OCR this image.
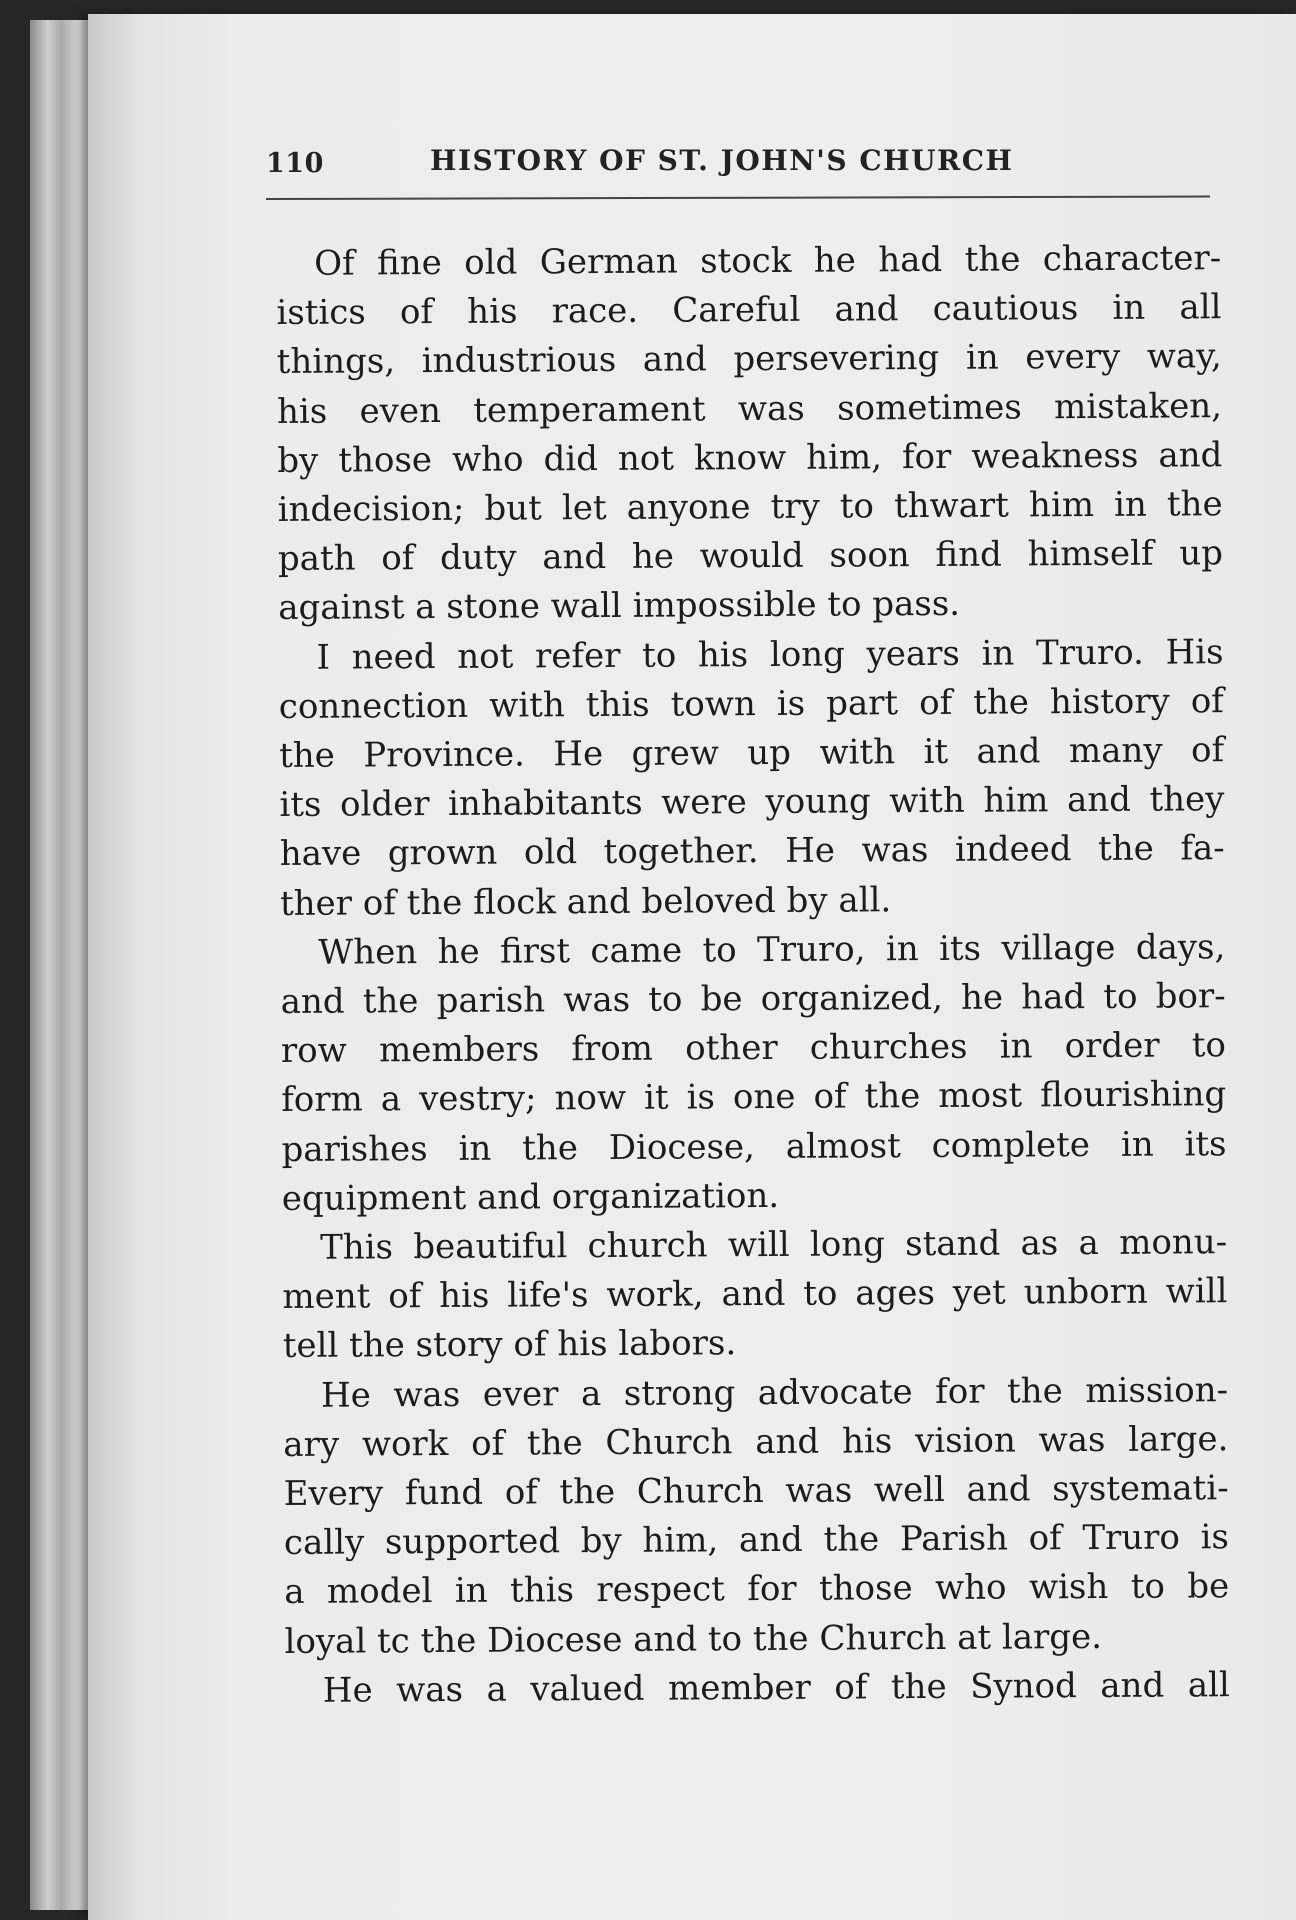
110	HISTORY OF ST. JOHN'S CHURCH
Of fine old German stock he had the character-
istics of his race. Careful and cautious in all
things, industrious and persevering in every way,
his even temperament was sometimes mistaken,
by those who did not know him, for weakness and
indecision; but let anyone try to thwart him in the
path of duty and he would soon find himself up
against a stone wall impossible to pass.
I need not refer to his long years in Truro. His
connection with this town is part of the history of
the Province. He grew up with it and many of
its older inhabitants were young with him and they
have grown old together. He was indeed the fa-
ther of the flock and beloved by all.
When he first came to Truro, in its village days,
and the parish was to be organized, he had to bor-
row members from other churches in order to
form a vestry; now it is one of the most flourishing
parishes in the Diocese, almost complete in its
equipment and organization.
This beautiful church will long stand as a monu-
ment of his life's work, and to ages yet unborn will
tell the story of his labors.
He was ever a strong advocate for the mission-
ary work of the Church and his vision was large.
Every fund of the Church was well and systemati-
cally supported by him, and the Parish of Truro is
a model in this respect for those who wish to be
loyal tc the Diocese and to the Church at large.
He was a valued member of the Synod and all
